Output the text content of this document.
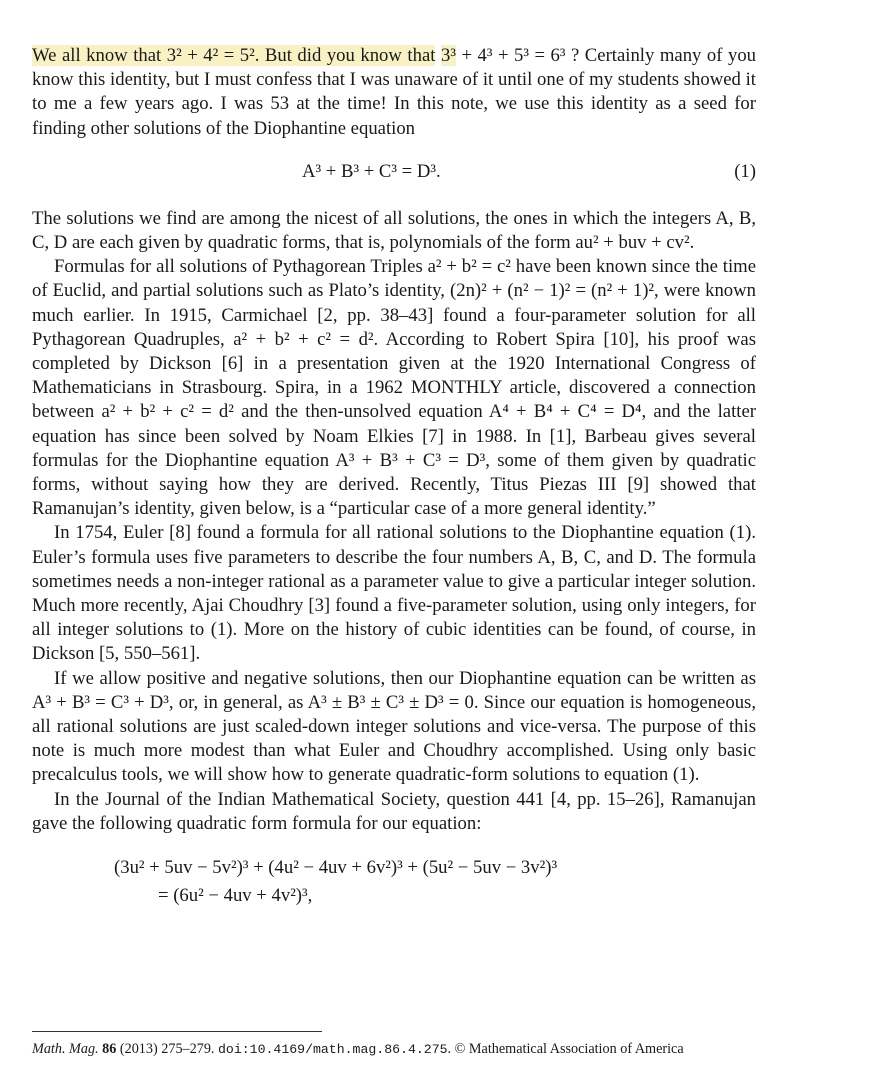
We all know that 3² + 4² = 5². But did you know that 3³ + 4³ + 5³ = 6³ ? Certainly many of you know this identity, but I must confess that I was unaware of it until one of my students showed it to me a few years ago. I was 53 at the time! In this note, we use this identity as a seed for finding other solutions of the Diophantine equation

A³ + B³ + C³ = D³.	(1)

The solutions we find are among the nicest of all solutions, the ones in which the integers A, B, C, D are each given by quadratic forms, that is, polynomials of the form au² + buv + cv².

Formulas for all solutions of Pythagorean Triples a² + b² = c² have been known since the time of Euclid, and partial solutions such as Plato’s identity, (2n)² + (n² − 1)² = (n² + 1)², were known much earlier. In 1915, Carmichael [2, pp. 38–43] found a four-parameter solution for all Pythagorean Quadruples, a² + b² + c² = d². According to Robert Spira [10], his proof was completed by Dickson [6] in a presentation given at the 1920 International Congress of Mathematicians in Strasbourg. Spira, in a 1962 MONTHLY article, discovered a connection between a² + b² + c² = d² and the then-unsolved equation A⁴ + B⁴ + C⁴ = D⁴, and the latter equation has since been solved by Noam Elkies [7] in 1988. In [1], Barbeau gives several formulas for the Diophantine equation A³ + B³ + C³ = D³, some of them given by quadratic forms, without saying how they are derived. Recently, Titus Piezas III [9] showed that Ramanujan’s identity, given below, is a “particular case of a more general identity.”

In 1754, Euler [8] found a formula for all rational solutions to the Diophantine equation (1). Euler’s formula uses five parameters to describe the four numbers A, B, C, and D. The formula sometimes needs a non-integer rational as a parameter value to give a particular integer solution. Much more recently, Ajai Choudhry [3] found a five-parameter solution, using only integers, for all integer solutions to (1). More on the history of cubic identities can be found, of course, in Dickson [5, 550–561].

If we allow positive and negative solutions, then our Diophantine equation can be written as A³ + B³ = C³ + D³, or, in general, as A³ ± B³ ± C³ ± D³ = 0. Since our equation is homogeneous, all rational solutions are just scaled-down integer solutions and vice-versa. The purpose of this note is much more modest than what Euler and Choudhry accomplished. Using only basic precalculus tools, we will show how to generate quadratic-form solutions to equation (1).

In the Journal of the Indian Mathematical Society, question 441 [4, pp. 15–26], Ramanujan gave the following quadratic form formula for our equation:

(3u² + 5uv − 5v²)³ + (4u² − 4uv + 6v²)³ + (5u² − 5uv − 3v²)³
= (6u² − 4uv + 4v²)³,
Math. Mag. 86 (2013) 275–279. doi:10.4169/math.mag.86.4.275. © Mathematical Association of America
